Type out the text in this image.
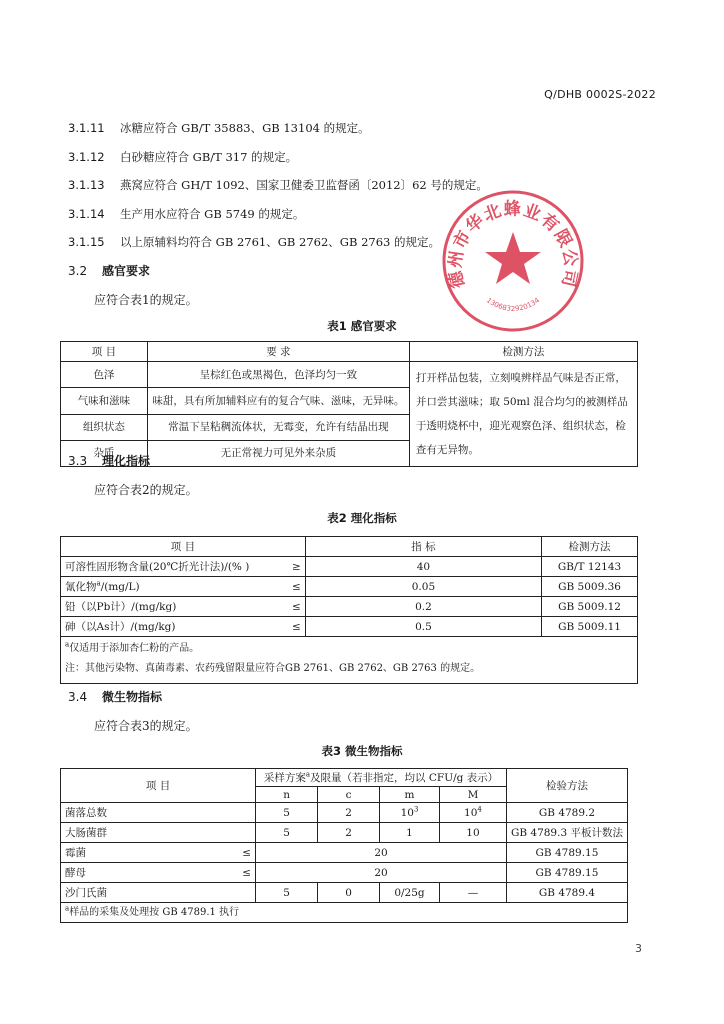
Q/DHB 0002S-2022
3.1.11 冰糖应符合 GB/T 35883、GB 13104 的规定。
3.1.12 白砂糖应符合 GB/T 317 的规定。
3.1.13 燕窝应符合 GH/T 1092、国家卫健委卫监督函〔2012〕62 号的规定。
3.1.14 生产用水应符合 GB 5749 的规定。
3.1.15 以上原辅料均符合 GB 2761、GB 2762、GB 2763 的规定。
3.2 感官要求
应符合表1的规定。
表1 感官要求
项 目	要 求	检测方法
色泽	呈棕红色或黑褐色，色泽均匀一致	打开样品包装，立刻嗅辨样品气味是否正常，并口尝其滋味；取 50ml 混合均匀的被测样品于透明烧杯中，迎光观察色泽、组织状态，检查有无异物。
气味和滋味	味甜，具有所加辅料应有的复合气味、滋味，无异味。	
组织状态	常温下呈粘稠流体状，无霉变，允许有结晶出现	
杂质	无正常视力可见外来杂质	
德州市华北蜂业有限公司
1306832920134
3.3 理化指标
应符合表2的规定。
表2 理化指标
项 目	指 标	检测方法
可溶性固形物含量(20℃折光计法)/(% ) ≥	40	GB/T 12143
氰化物$^a$/(mg/L) ≤	0.05	GB 5009.36
铅（以Pb计）/(mg/kg) ≤	0.2	GB 5009.12
砷（以As计）/(mg/kg) ≤	0.5	GB 5009.11

$^a$仅适用于添加杏仁粉的产品。
注：其他污染物、真菌毒素、农药残留限量应符合GB 2761、GB 2762、GB 2763 的规定。		
3.4 微生物指标
应符合表3的规定。
表3 微生物指标
项 目	采样方案$^a$及限量（若非指定，均以 CFU/g 表示）				检验方法
	n	c	m	M	
菌落总数	5	2	$10^3$	$10^4$	GB 4789.2
大肠菌群	5	2	1	10	GB 4789.3 平板计数法
霉菌 ≤	20				GB 4789.15
酵母 ≤	20				GB 4789.15
沙门氏菌	5	0	0/25g	—	GB 4789.4
$^a$样品的采集及处理按 GB 4789.1 执行					
3
